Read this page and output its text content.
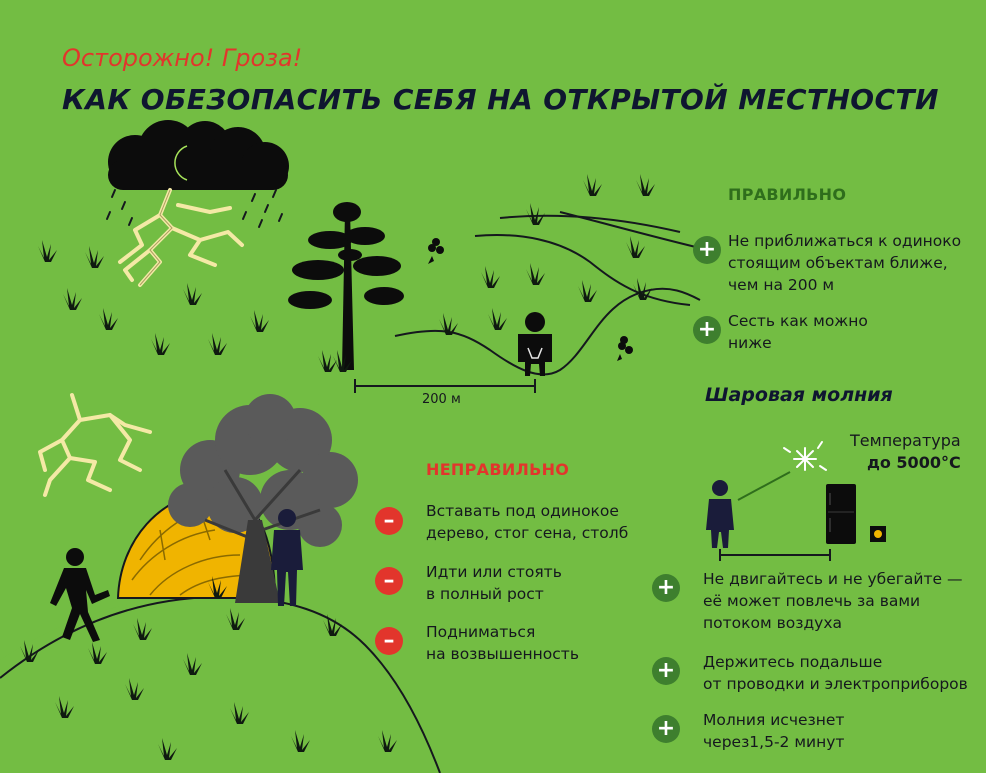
Осторожно! Гроза!
КАК ОБЕЗОПАСИТЬ СЕБЯ НА ОТКРЫТОЙ МЕСТНОСТИ
200 м
ПРАВИЛЬНО
+ Не приближаться к одиноко
стоящим объектам ближе,
чем на 200 м
+ Сесть как можно
ниже
НЕПРАВИЛЬНО
–	Вставать под одинокое
дерево, стог сена, столб
–	Идти или стоять
в полный рост
–	Подниматься
на возвышенность
Шаровая молния
Температура
до 5000°С
+	Не двигайтесь и не убегайте —
её может повлечь за вами
потоком воздуха
+	Держитесь подальше
от проводки и электроприборов
+	Молния исчезнет
через1,5-2 минут
